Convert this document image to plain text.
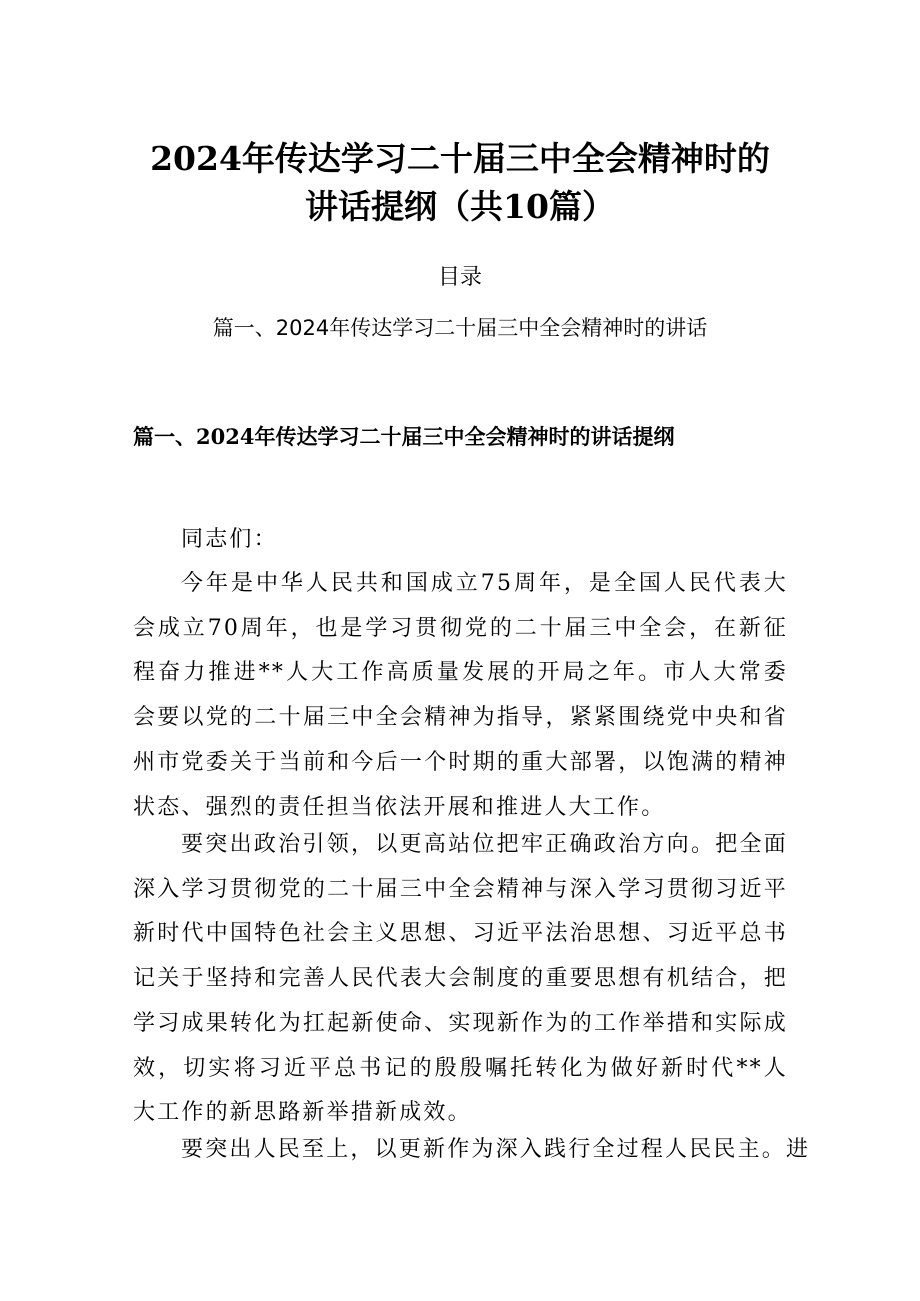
2024年传达学习二十届三中全会精神时的
讲话提纲（共10篇）
目录
篇一、2024年传达学习二十届三中全会精神时的讲话
篇一、2024年传达学习二十届三中全会精神时的讲话提纲
同志们：
今年是中华人民共和国成立75周年，是全国人民代表大会成立70周年，也是学习贯彻党的二十届三中全会，在新征程奋力推进**人大工作高质量发展的开局之年。市人大常委会要以党的二十届三中全会精神为指导，紧紧围绕党中央和省州市党委关于当前和今后一个时期的重大部署，以饱满的精神状态、强烈的责任担当依法开展和推进人大工作。
要突出政治引领，以更高站位把牢正确政治方向。把全面深入学习贯彻党的二十届三中全会精神与深入学习贯彻习近平新时代中国特色社会主义思想、习近平法治思想、习近平总书记关于坚持和完善人民代表大会制度的重要思想有机结合，把学习成果转化为扛起新使命、实现新作为的工作举措和实际成效，切实将习近平总书记的殷殷嘱托转化为做好新时代**人大工作的新思路新举措新成效。
要突出人民至上，以更新作为深入践行全过程人民民主。进
